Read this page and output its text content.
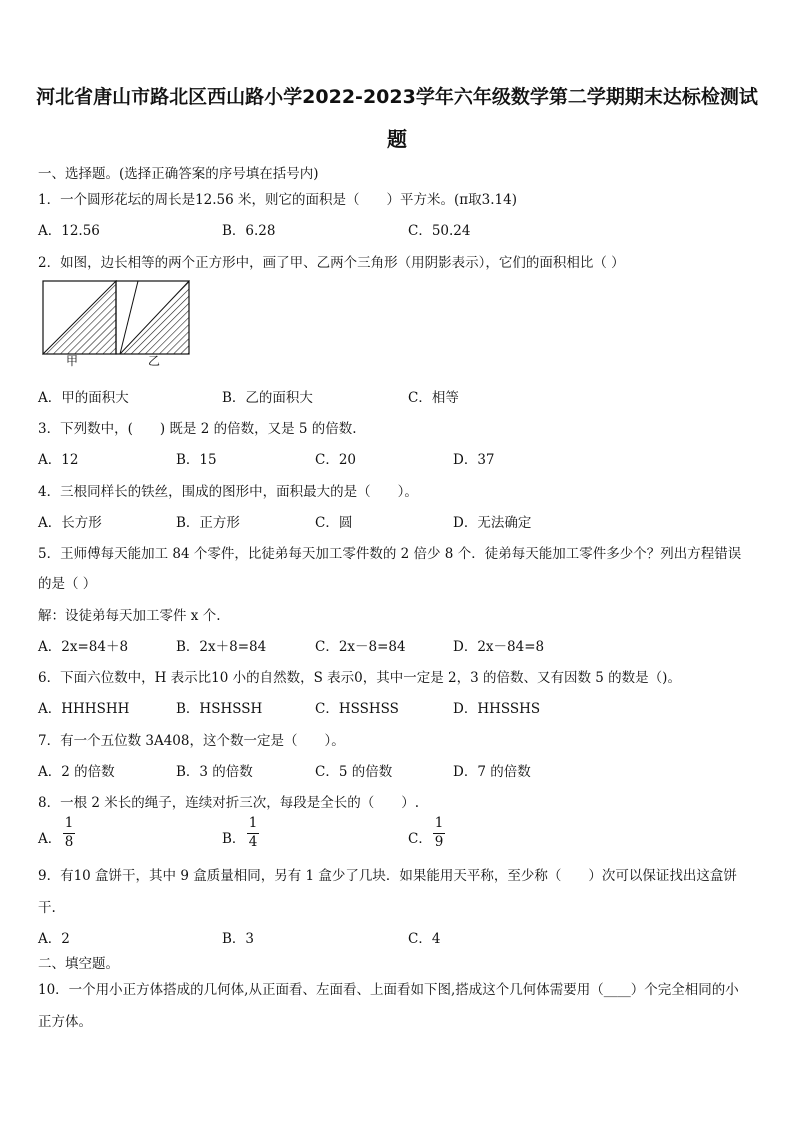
河北省唐山市路北区西山路小学2022-2023学年六年级数学第二学期期末达标检测试
题
一、选择题。(选择正确答案的序号填在括号内)
1．一个圆形花坛的周长是12.56 米，则它的面积是（　　）平方米。(π取3.14)
A．12.56	B．6.28	C．50.24
2．如图，边长相等的两个正方形中，画了甲、乙两个三角形（用阴影表示），它们的面积相比（ ）
甲	乙
A．甲的面积大	B．乙的面积大	C．相等
3．下列数中，(　　) 既是 2 的倍数，又是 5 的倍数.
A．12	B．15	C．20	D．37
4．三根同样长的铁丝，围成的图形中，面积最大的是（　　）。
A．长方形	B．正方形	C．圆	D．无法确定
5．王师傅每天能加工 84 个零件，比徒弟每天加工零件数的 2 倍少 8 个．徒弟每天能加工零件多少个？列出方程错误
的是（ ）
解：设徒弟每天加工零件 x 个.
A．2x=84＋8	B．2x＋8=84	C．2x－8=84	D．2x－84=8
6．下面六位数中，H 表示比10 小的自然数，S 表示0，其中一定是 2，3 的倍数、又有因数 5 的数是（)。
A．HHHSHH	B．HSHSSH	C．HSSHSS	D．HHSSHS
7．有一个五位数 3A408，这个数一定是（　　）。
A．2 的倍数	B．3 的倍数	C．5 的倍数	D．7 的倍数
8．一根 2 米长的绳子，连续对折三次，每段是全长的（　　）.
A．
1
8	B．
1
4	C．
1
9
9．有10 盒饼干，其中 9 盒质量相同，另有 1 盒少了几块．如果能用天平称，至少称（　　）次可以保证找出这盒饼
干.
A．2	B．3	C．4
二、填空题。
10．一个用小正方体搭成的几何体,从正面看、左面看、上面看如下图,搭成这个几何体需要用（____）个完全相同的小
正方体。
